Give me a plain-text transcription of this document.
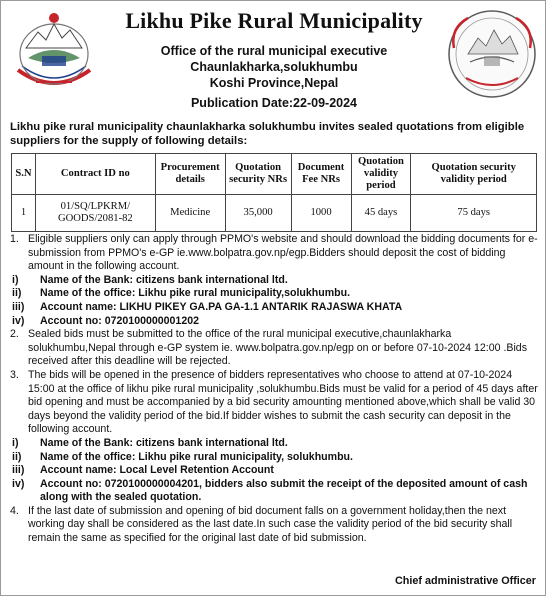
Likhu Pike Rural Municipality
Office of the rural municipal executive
Chaunlakharka,solukhumbu
Koshi Province,Nepal
Publication Date:22-09-2024
Likhu pike rural municipality chaunlakharka solukhumbu invites sealed quotations from eligible suppliers for the supply of following details:
S.N	Contract ID no	Procurement details	Quotation security NRs	Document Fee NRs	Quotation validity period	Quotation security validity period
1	01/SQ/LPKRM/ GOODS/2081-82	Medicine	35,000	1000	45 days	75 days
1. Eligible suppliers only can apply through PPMO's website and should download the bidding documents for e-submission from PPMO's e-GP ie.www.bolpatra.gov.np/egp.Bidders should deposit the cost of bidding amount in the following account.
i) Name of the Bank: citizens bank international ltd.
ii) Name of the office: Likhu pike rural municipality,solukhumbu.
iii) Account name: LIKHU PIKEY GA.PA GA-1.1 ANTARIK RAJASWA KHATA
iv) Account no: 0720100000001202
2. Sealed bids must be submitted to the office of the rural municipal executive,chaunlakharka solukhumbu,Nepal through e-GP system ie. www.bolpatra.gov.np/egp on or before 07-10-2024 12:00 .Bids received after this deadline will be rejected.
3. The bids will be opened in the presence of bidders representatives who choose to attend at 07-10-2024 15:00 at the office of likhu pike rural municipality ,solukhumbu.Bids must be valid for a period of 45 days after bid opening and must be accompanied by a bid security amounting mentioned above,which shall be valid 30 days beyond the validity period of the bid.If bidder wishes to submit the cash security can deposit in the following account.
i) Name of the Bank: citizens bank international ltd.
ii) Name of the office: Likhu pike rural municipality, solukhumbu.
iii) Account name: Local Level Retention Account
iv) Account no: 0720100000004201, bidders also submit the receipt of the deposited amount of cash along with the sealed quotation.
4. If the last date of submission and opening of bid document falls on a government holiday,then the next working day shall be considered as the last date.In such case the validity period of the bid security shall remain the same as specified for the original last date of bid submission.
Chief administrative Officer
